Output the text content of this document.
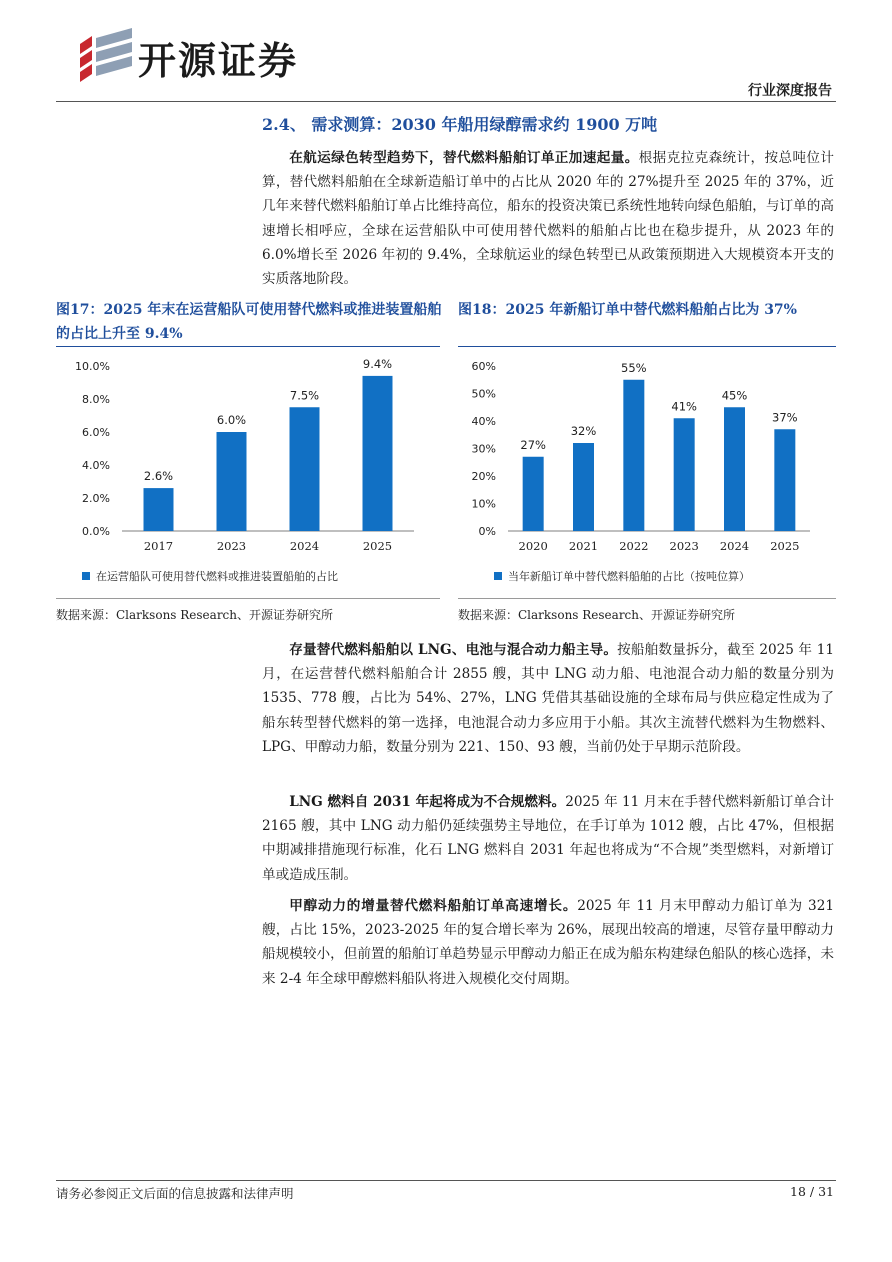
开源证券
行业深度报告
2.4、 需求测算：2030 年船用绿醇需求约 1900 万吨

在航运绿色转型趋势下，替代燃料船舶订单正加速起量。根据克拉克森统计，按总吨位计算，替代燃料船舶在全球新造船订单中的占比从 2020 年的 27%提升至 2025 年的 37%，近几年来替代燃料船舶订单占比维持高位，船东的投资决策已系统性地转向绿色船舶，与订单的高速增长相呼应，全球在运营船队中可使用替代燃料的船舶占比也在稳步提升，从 2023 年的 6.0%增长至 2026 年初的 9.4%，全球航运业的绿色转型已从政策预期进入大规模资本开支的实质落地阶段。

图17：2025 年末在运营船队可使用替代燃料或推进装置船舶的占比上升至 9.4%
0.0%
2.0%
4.0%
6.0%
8.0%
10.0%
2.6%
2017
6.0%
2023
7.5%
2024
9.4%
2025
在运营船队可使用替代燃料或推进装置船舶的占比
数据来源：Clarksons Research、开源证券研究所
图18：2025 年新船订单中替代燃料船舶占比为 37%
0%
10%
20%
30%
40%
50%
60%
27%
2020
32%
2021
55%
2022
41%
2023
45%
2024
37%
2025
当年新船订单中替代燃料船舶的占比（按吨位算）
数据来源：Clarksons Research、开源证券研究所

存量替代燃料船舶以 LNG、电池与混合动力船主导。按船舶数量拆分，截至 2025 年 11 月，在运营替代燃料船舶合计 2855 艘，其中 LNG 动力船、电池混合动力船的数量分别为 1535、778 艘，占比为 54%、27%，LNG 凭借其基础设施的全球布局与供应稳定性成为了船东转型替代燃料的第一选择，电池混合动力多应用于小船。其次主流替代燃料为生物燃料、LPG、甲醇动力船，数量分别为 221、150、93 艘，当前仍处于早期示范阶段。

LNG 燃料自 2031 年起将成为不合规燃料。2025 年 11 月末在手替代燃料新船订单合计 2165 艘，其中 LNG 动力船仍延续强势主导地位，在手订单为 1012 艘，占比 47%，但根据中期减排措施现行标准，化石 LNG 燃料自 2031 年起也将成为“不合规”类型燃料，对新增订单或造成压制。

甲醇动力的增量替代燃料船舶订单高速增长。2025 年 11 月末甲醇动力船订单为 321 艘，占比 15%，2023-2025 年的复合增长率为 26%，展现出较高的增速，尽管存量甲醇动力船规模较小，但前置的船舶订单趋势显示甲醇动力船正在成为船东构建绿色船队的核心选择，未来 2-4 年全球甲醇燃料船队将进入规模化交付周期。

请务必参阅正文后面的信息披露和法律声明	18 / 31
